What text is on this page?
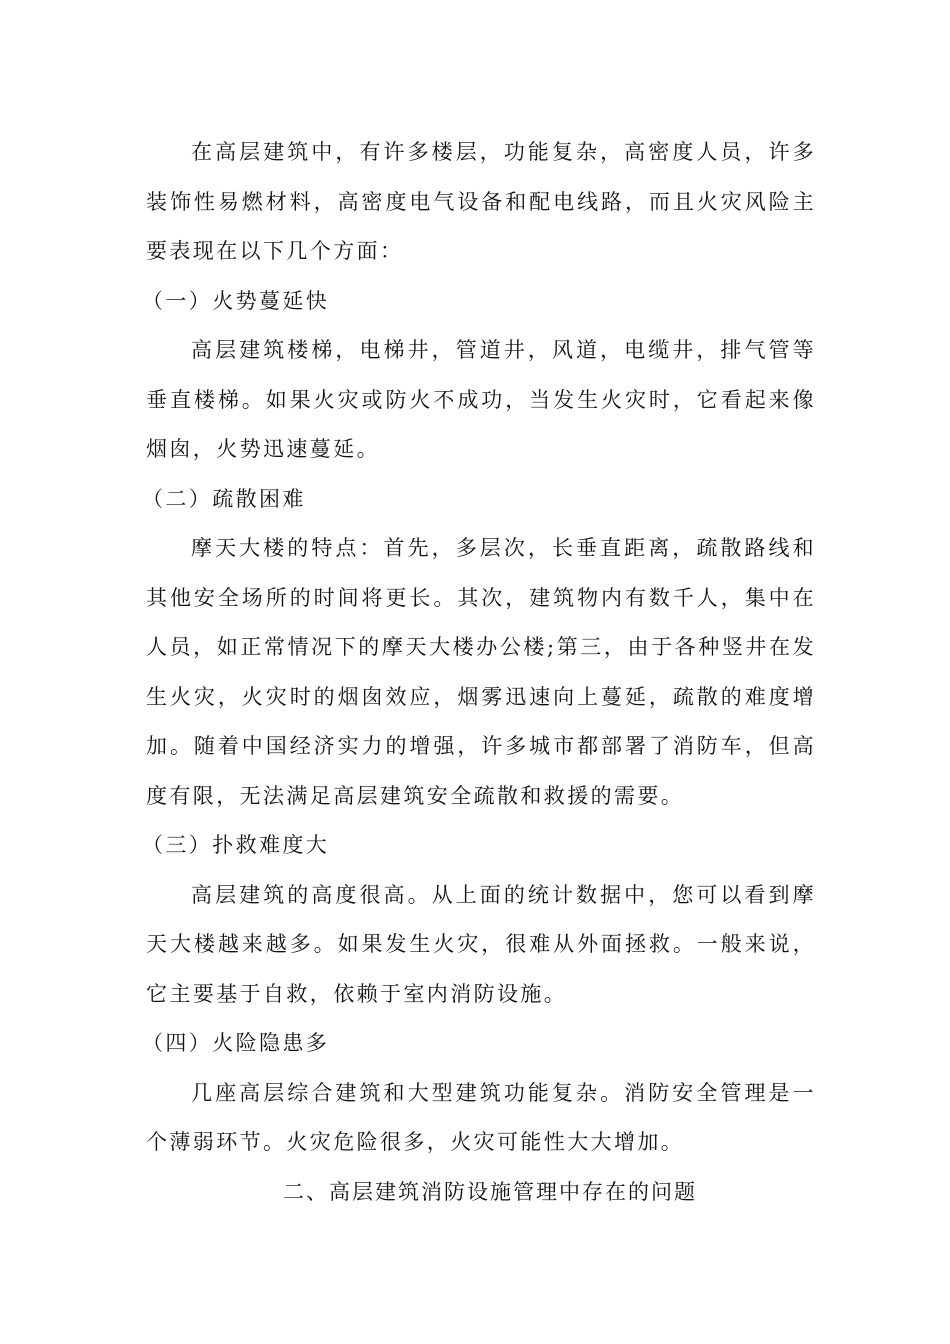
在高层建筑中，有许多楼层，功能复杂，高密度人员，许多装饰性易燃材料，高密度电气设备和配电线路，而且火灾风险主要表现在以下几个方面：

（一）火势蔓延快

高层建筑楼梯，电梯井，管道井，风道，电缆井，排气管等垂直楼梯。如果火灾或防火不成功，当发生火灾时，它看起来像烟囱，火势迅速蔓延。

（二）疏散困难

摩天大楼的特点：首先，多层次，长垂直距离，疏散路线和其他安全场所的时间将更长。其次，建筑物内有数千人，集中在人员，如正常情况下的摩天大楼办公楼;第三，由于各种竖井在发生火灾，火灾时的烟囱效应，烟雾迅速向上蔓延，疏散的难度增加。随着中国经济实力的增强，许多城市都部署了消防车，但高度有限，无法满足高层建筑安全疏散和救援的需要。

（三）扑救难度大

高层建筑的高度很高。从上面的统计数据中，您可以看到摩天大楼越来越多。如果发生火灾，很难从外面拯救。一般来说，它主要基于自救，依赖于室内消防设施。

（四）火险隐患多

几座高层综合建筑和大型建筑功能复杂。消防安全管理是一个薄弱环节。火灾危险很多，火灾可能性大大增加。

二、高层建筑消防设施管理中存在的问题
